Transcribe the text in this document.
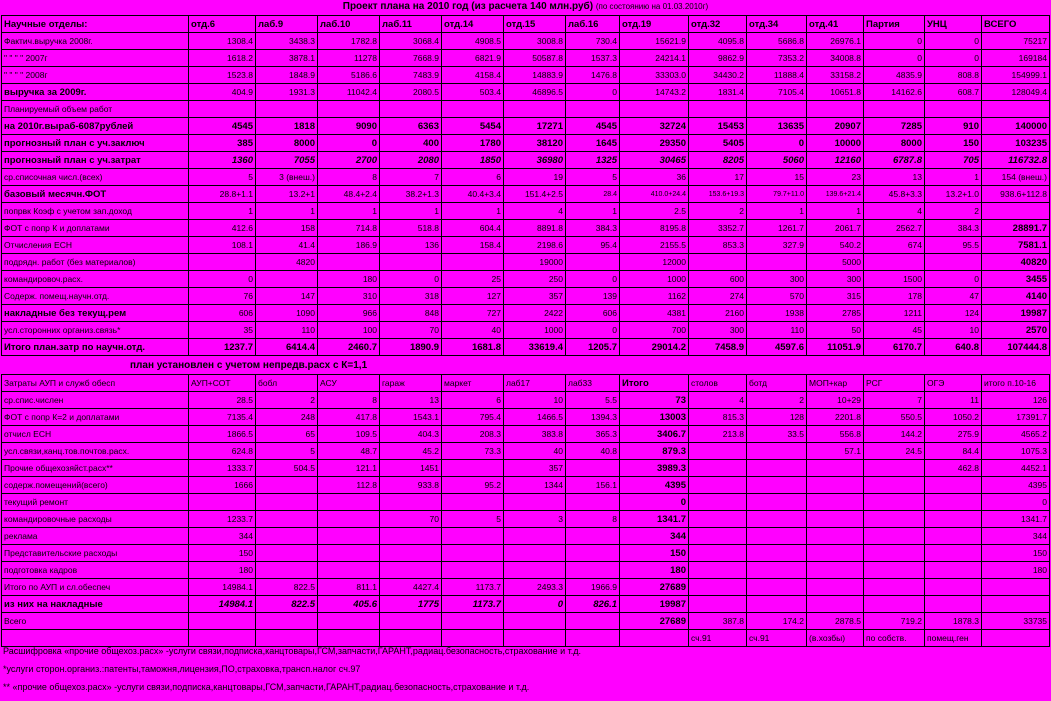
Проект плана на 2010 год (из расчета 140 млн.руб) (по состоянию на 01.03.2010г)
Научные отделы:	отд.6	лаб.9	лаб.10	лаб.11	отд.14	отд.15	лаб.16	отд.19	отд.32	отд.34	отд.41	Партия	УНЦ	ВСЕГО
Фактич.выручка 2008г.	1308.4	3438.3	1782.8	3068.4	4908.5	3008.8	730.4	15621.9	4095.8	5686.8	26976.1	0	0	75217
" " " " 2007г	1618.2	3878.1	11278	7668.9	6821.9	50587.8	1537.3	24214.1	9862.9	7353.2	34008.8	0	0	169184
" " " " 2008г	1523.8	1848.9	5186.6	7483.9	4158.4	14883.9	1476.8	33303.0	34430.2	11888.4	33158.2	4835.9	808.8	154999.1
выручка за 2009г.	404.9	1931.3	11042.4	2080.5	503.4	46896.5	0	14743.2	1831.4	7105.4	10651.8	14162.6	608.7	128049.4
Планируемый объем работ														
на 2010г.выраб-6087рублей	4545	1818	9090	6363	5454	17271	4545	32724	15453	13635	20907	7285	910	140000
прогнозный план с уч.заключ	385	8000	0	400	1780	38120	1645	29350	5405	0	10000	8000	150	103235
прогнозный план с уч.затрат	1360	7055	2700	2080	1850	36980	1325	30465	8205	5060	12160	6787.8	705	116732.8
ср.списочная числ.(всех)	5	3 (внеш.)	8	7	6	19	5	36	17	15	23	13	1	154 (внеш.)
базовый месячн.ФОТ	28.8+1.1	13.2+1	48.4+2.4	38.2+1.3	40.4+3.4	151.4+2.5	28.4	410.0+24.4	153.6+19.3	79.7+11.0	139.6+21.4	45.8+3.3	13.2+1.0	938.6+112.8
попрвк Коэф с учетом зап.доход	1	1	1	1	1	4	1	2.5	2	1	1	4	2	
ФОТ с попр К и доплатами	412.6	158	714.8	518.8	604.4	8891.8	384.3	8195.8	3352.7	1261.7	2061.7	2562.7	384.3	28891.7
Отчисления ЕСН	108.1	41.4	186.9	136	158.4	2198.6	95.4	2155.5	853.3	327.9	540.2	674	95.5	7581.1
подрядн. работ (без материалов)		4820				19000		12000			5000			40820
командировоч.расх.	0		180	0	25	250	0	1000	600	300	300	1500	0	3455
Содерж. помещ.научн.отд.	76	147	310	318	127	357	139	1162	274	570	315	178	47	4140
накладные без текущ.рем	606	1090	966	848	727	2422	606	4381	2160	1938	2785	1211	124	19987
усл.сторонних организ.связь*	35	110	100	70	40	1000	0	700	300	110	50	45	10	2570
Итого план.затр по научн.отд.	1237.7	6414.4	2460.7	1890.9	1681.8	33619.4	1205.7	29014.2	7458.9	4597.6	11051.9	6170.7	640.8	107444.8
план установлен с учетом непредв.расх с К=1,1
Затраты АУП и служб обесп	АУП+СОТ	бобл	АСУ	гараж	маркет	лаб17	лаб33	Итого	столов	ботд	МОП+кар	РСГ	ОГЭ	итого п.10-16
ср.спис.числен	28.5	2	8	13	6	10	5.5	73	4	2	10+29	7	11	126
ФОТ с попр К=2 и доплатами	7135.4	248	417.8	1543.1	795.4	1466.5	1394.3	13003	815.3	128	2201.8	550.5	1050.2	17391.7
отчисл ЕСН	1866.5	65	109.5	404.3	208.3	383.8	365.3	3406.7	213.8	33.5	556.8	144.2	275.9	4565.2
усл.связи,канц.тов.почтов.расх.	624.8	5	48.7	45.2	73.3	40	40.8	879.3			57.1	24.5	84.4	1075.3
Прочие общехозяйст.расх**	1333.7	504.5	121.1	1451		357		3989.3					462.8	4452.1
содерж.помещений(всего)	1666		112.8	933.8	95.2	1344	156.1	4395						4395
текущий ремонт								0						0
командировочные расходы	1233.7			70	5	3	8	1341.7						1341.7
реклама	344							344						344
Представительские расходы	150							150						150
подготовка кадров	180							180						180
Итого по АУП и сл.обеспеч	14984.1	822.5	811.1	4427.4	1173.7	2493.3	1966.9	27689						
из них на накладные	14984.1	822.5	405.6	1775	1173.7	0	826.1	19987						
Всего								27689	387.8	174.2	2878.5	719.2	1878.3	33735
									сч.91	сч.91	(в.хозбы)	по собств.	помещ.ген	
Расшифровка «прочие общехоз.расх» -услуги связи,подписка,канцтовары,ГСМ,запчасти,ГАРАНТ,радиац.безопасность,страхование и т.д.
*услуги сторон.организ.:патенты,таможня,лицензия,ПО,страховка,трансп.налог сч.97
** «прочие общехоз.расх» -услуги связи,подписка,канцтовары,ГСМ,запчасти,ГАРАНТ,радиац.безопасность,страхование и т.д.
